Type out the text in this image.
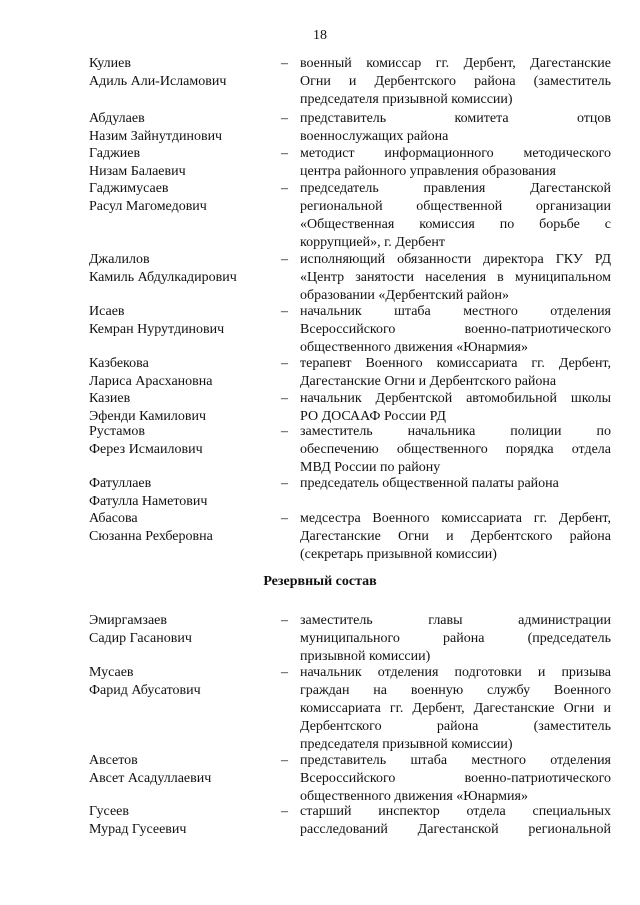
18
Кулиев
Адиль Али-Исламович
– военный комиссар гг. Дербент, Дагестанские
Огни и Дербентского района (заместитель
председателя призывной комиссии)
Абдулаев
Назим Зайнутдинович
– представитель комитета отцов
военнослужащих района
Гаджиев
Низам Балаевич
– методист информационного методического
центра районного управления образования
Гаджимусаев
Расул Магомедович
– председатель правления Дагестанской
региональной общественной организации
«Общественная комиссия по борьбе с
коррупцией», г. Дербент
Джалилов
Камиль Абдулкадирович
– исполняющий обязанности директора ГКУ РД
«Центр занятости населения в муниципальном
образовании «Дербентский район»
Исаев
Кемран Нурутдинович
– начальник штаба местного отделения
Всероссийского военно-патриотического
общественного движения «Юнармия»
Казбекова
Лариса Арасхановна
– терапевт Военного комиссариата гг. Дербент,
Дагестанские Огни и Дербентского района
Казиев
Эфенди Камилович
– начальник Дербентской автомобильной школы
РО ДОСААФ России РД
Рустамов
Ферез Исмаилович
– заместитель начальника полиции по
обеспечению общественного порядка отдела
МВД России по району
Фатуллаев
Фатулла Наметович
– председатель общественной палаты района
Абасова
Сюзанна Рехберовна
– медсестра Военного комиссариата гг. Дербент,
Дагестанские Огни и Дербентского района
(секретарь призывной комиссии)
Резервный состав
Эмиргамзаев
Садир Гасанович
– заместитель главы администрации
муниципального района (председатель
призывной комиссии)
Мусаев
Фарид Абусатович
– начальник отделения подготовки и призыва
граждан на военную службу Военного
комиссариата гг. Дербент, Дагестанские Огни и
Дербентского района (заместитель
председателя призывной комиссии)
Авсетов
Авсет Асадуллаевич
– представитель штаба местного отделения
Всероссийского военно-патриотического
общественного движения «Юнармия»
Гусеев
Мурад Гусеевич
– старший инспектор отдела специальных
расследований Дагестанской региональной
